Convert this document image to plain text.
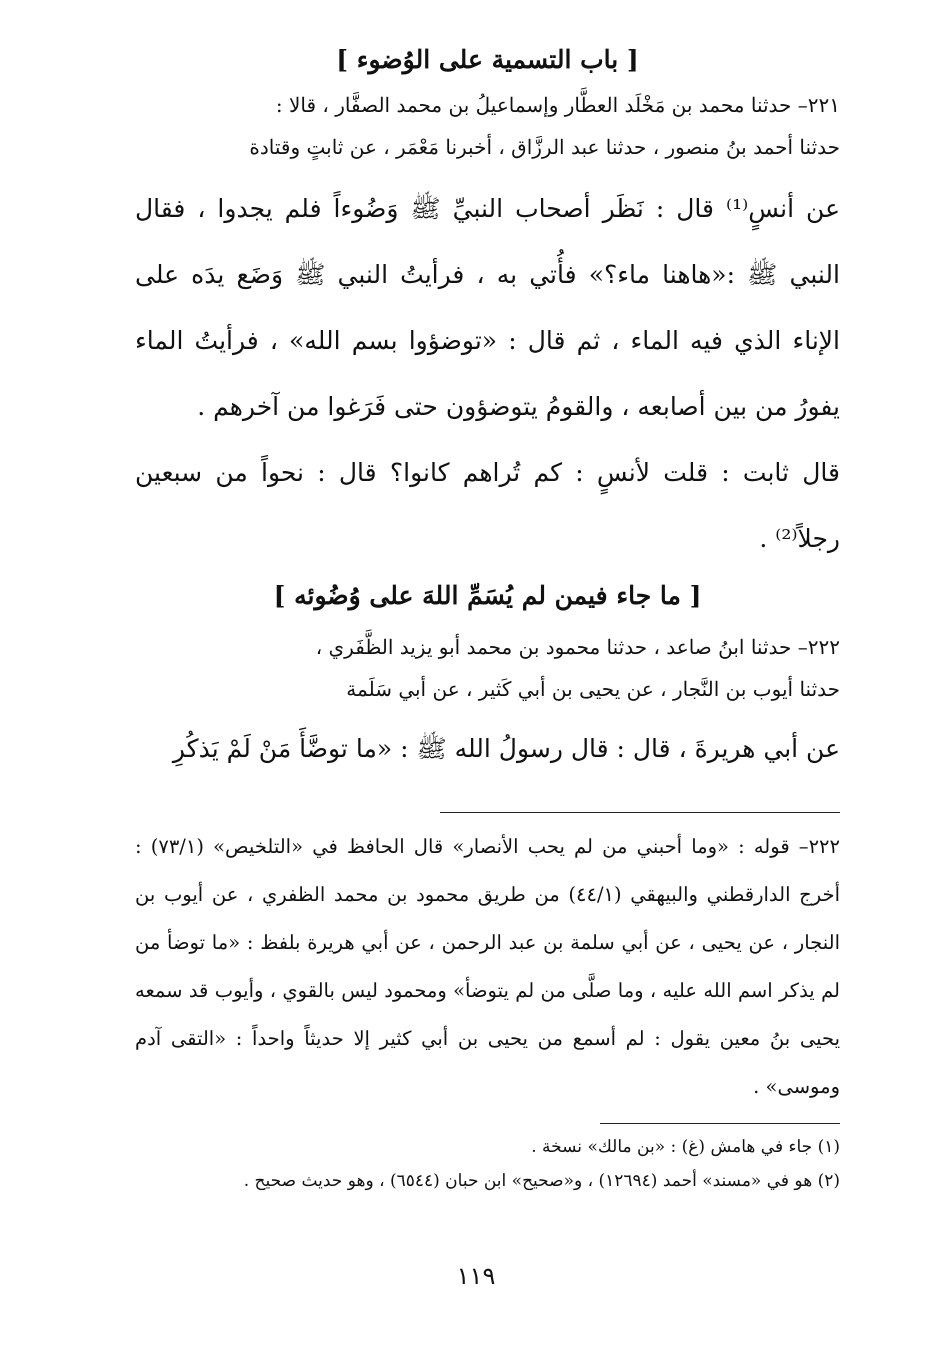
[ باب التسمية على الوُضوء ]

٢٢١– حدثنا محمد بن مَخْلَد العطَّار وإسماعيلُ بن محمد الصفَّار ، قالا :

حدثنا أحمد بنُ منصور ، حدثنا عبد الرزَّاق ، أخبرنا مَعْمَر ، عن ثابتٍ وقتادة

عن أنسٍ⁽¹⁾ قال : نَظَر أصحاب النبيِّ ﷺ وَضُوءاً فلم يجدوا ، فقال النبي ﷺ :«هاهنا ماء؟» فأُتي به ، فرأيتُ النبي ﷺ وَضَع يدَه على الإناء الذي فيه الماء ، ثم قال : «توضؤوا بسم الله» ، فرأيتُ الماء يفورُ من بين أصابعه ، والقومُ يتوضؤون حتى فَرَغوا من آخرهم .

قال ثابت : قلت لأنسٍ : كم تُراهم كانوا؟ قال : نحواً من سبعين رجلاً⁽²⁾ .

[ ما جاء فيمن لم يُسَمِّ اللهَ على وُضُوئه ]

٢٢٢– حدثنا ابنُ صاعد ، حدثنا محمود بن محمد أبو يزيد الظَّفَري ،

حدثنا أيوب بن النَّجار ، عن يحيى بن أبي كَثير ، عن أبي سَلَمة

عن أبي هريرةَ ، قال : قال رسولُ الله ﷺ : «ما توضَّأَ مَنْ لَمْ يَذكُرِ

٢٢٢– قوله : «وما أحبني من لم يحب الأنصار» قال الحافظ في «التلخيص» (٧٣/١) : أخرج الدارقطني والبيهقي (٤٤/١) من طريق محمود بن محمد الظفري ، عن أيوب بن النجار ، عن يحيى ، عن أبي سلمة بن عبد الرحمن ، عن أبي هريرة بلفظ : «ما توضأ من لم يذكر اسم الله عليه ، وما صلَّى من لم يتوضأ» ومحمود ليس بالقوي ، وأيوب قد سمعه يحيى بنُ معين يقول : لم أسمع من يحيى بن أبي كثير إلا حديثاً واحداً : «التقى آدم وموسى» .

(١) جاء في هامش (غ) : «بن مالك» نسخة .

(٢) هو في «مسند» أحمد (١٢٦٩٤) ، و«صحيح» ابن حبان (٦٥٤٤) ، وهو حديث صحيح .

١١٩
